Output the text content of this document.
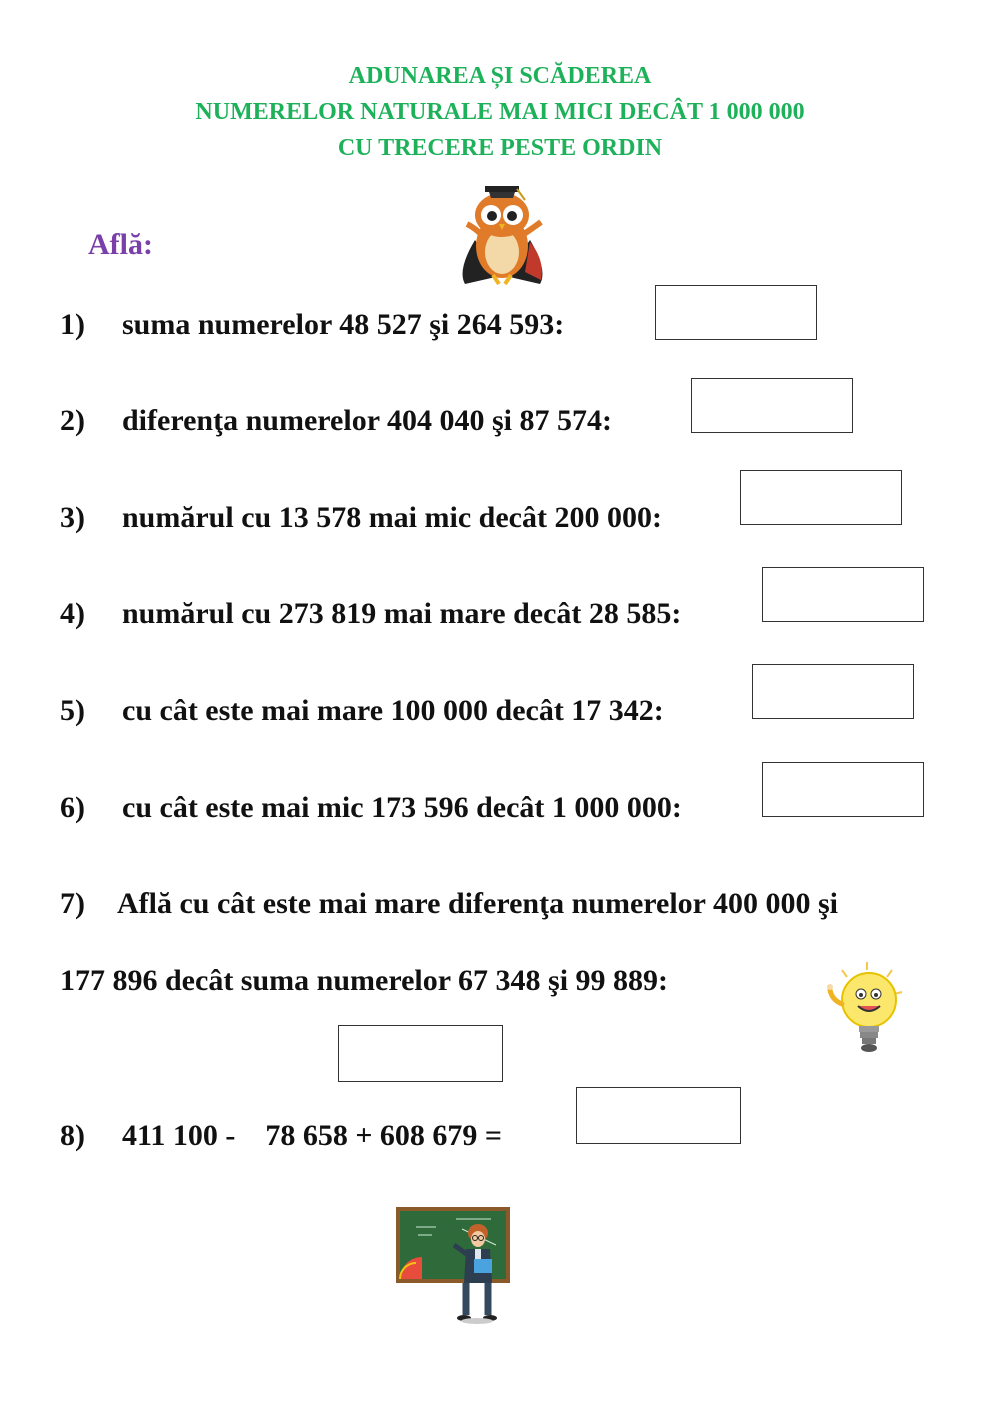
ADUNAREA ȘI SCĂDEREA
NUMERELOR NATURALE MAI MICI DECÂT 1 000 000
CU TRECERE PESTE ORDIN
Află:
1) suma numerelor 48 527 şi 264 593:
2) diferenţa numerelor 404 040 şi 87 574:
3) numărul cu 13 578 mai mic decât 200 000:
4) numărul cu 273 819 mai mare decât 28 585:
5) cu cât este mai mare 100 000 decât 17 342:
6) cu cât este mai mic 173 596 decât 1 000 000:
7) Află cu cât este mai mare diferenţa numerelor 400 000 şi
177 896 decât suma numerelor 67 348 şi 99 889:
8) 411 100 -    78 658 + 608 679 =
